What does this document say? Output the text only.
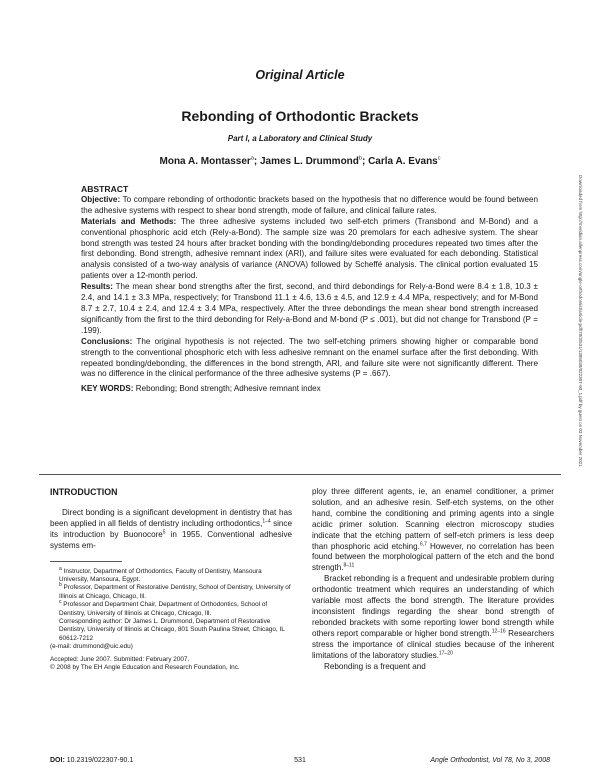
Original Article
Rebonding of Orthodontic Brackets
Part I, a Laboratory and Clinical Study
Mona A. Montasser$^a$; James L. Drummond$^b$; Carla A. Evans$^c$

ABSTRACT

Objective: To compare rebonding of orthodontic brackets based on the hypothesis that no difference would be found between the adhesive systems with respect to shear bond strength, mode of failure, and clinical failure rates.

Materials and Methods: The three adhesive systems included two self-etch primers (Transbond and M-Bond) and a conventional phosphoric acid etch (Rely-a-Bond). The sample size was 20 premolars for each adhesive system. The shear bond strength was tested 24 hours after bracket bonding with the bonding/debonding procedures repeated two times after the first debonding. Bond strength, adhesive remnant index (ARI), and failure sites were evaluated for each debonding. Statistical analysis consisted of a two-way analysis of variance (ANOVA) followed by Scheffé analysis. The clinical portion evaluated 15 patients over a 12-month period.

Results: The mean shear bond strengths after the first, second, and third debondings for Rely-a-Bond were 8.4 ± 1.8, 10.3 ± 2.4, and 14.1 ± 3.3 MPa, respectively; for Transbond 11.1 ± 4.6, 13.6 ± 4.5, and 12.9 ± 4.4 MPa, respectively; and for M-Bond 8.7 ± 2.7, 10.4 ± 2.4, and 12.4 ± 3.4 MPa, respectively. After the three debondings the mean shear bond strength increased significantly from the first to the third debonding for Rely-a-Bond and M-bond (P ≤ .001), but did not change for Transbond (P = .199).

Conclusions: The original hypothesis is not rejected. The two self-etching primers showing higher or comparable bond strength to the conventional phosphoric etch with less adhesive remnant on the enamel surface after the first debonding. With repeated bonding/debonding, the differences in the bond strength, ARI, and failure site were not significantly different. There was no difference in the clinical performance of the three adhesive systems (P = .667).

KEY WORDS: Rebonding; Bond strength; Adhesive remnant index

INTRODUCTION

Direct bonding is a significant development in dentistry that has been applied in all fields of dentistry including orthodontics,$^{1-4}$ since its introduction by Buonocore$^5$ in 1955. Conventional adhesive systems em-

$^a$ Instructor, Department of Orthodontics, Faculty of Dentistry, Mansoura University, Mansoura, Egypt.

$^b$ Professor, Department of Restorative Dentistry, School of Dentistry, University of Illinois at Chicago, Chicago, Ill.

$^c$ Professor and Department Chair, Department of Orthodontics, School of Dentistry, University of Illinois at Chicago, Chicago, Ill.

Corresponding author: Dr James L. Drummond, Department of Restorative Dentistry, University of Illinois at Chicago, 801 South Paulina Street, Chicago, IL 60612-7212

(e-mail: drummond@uic.edu)

Accepted: June 2007. Submitted: February 2007.

© 2008 by The EH Angle Education and Research Foundation, Inc.

ploy three different agents, ie, an enamel conditioner, a primer solution, and an adhesive resin. Self-etch systems, on the other hand, combine the conditioning and priming agents into a single acidic primer solution. Scanning electron microscopy studies indicate that the etching pattern of self-etch primers is less deep than phosphoric acid etching.$^{6,7}$ However, no correlation has been found between the morphological pattern of the etch and the bond strength.$^{8-11}$

Bracket rebonding is a frequent and undesirable problem during orthodontic treatment which requires an understanding of which variable most affects the bond strength. The literature provides inconsistent findings regarding the shear bond strength of rebonded brackets with some reporting lower bond strength while others report comparable or higher bond strength.$^{12-16}$ Researchers stress the importance of clinical studies because of the inherent limitations of the laboratory studies.$^{17-20}$

Rebonding is a frequent and

DOI: 10.2319/022307-90.1	531	Angle Orthodontist, Vol 78, No 3, 2008
Downloaded from http://meridian.allenpress.com/angle-orthodontist/article-pdf/78/3/531/1385038/022307-90_1.pdf by guest on 03 November 2021
